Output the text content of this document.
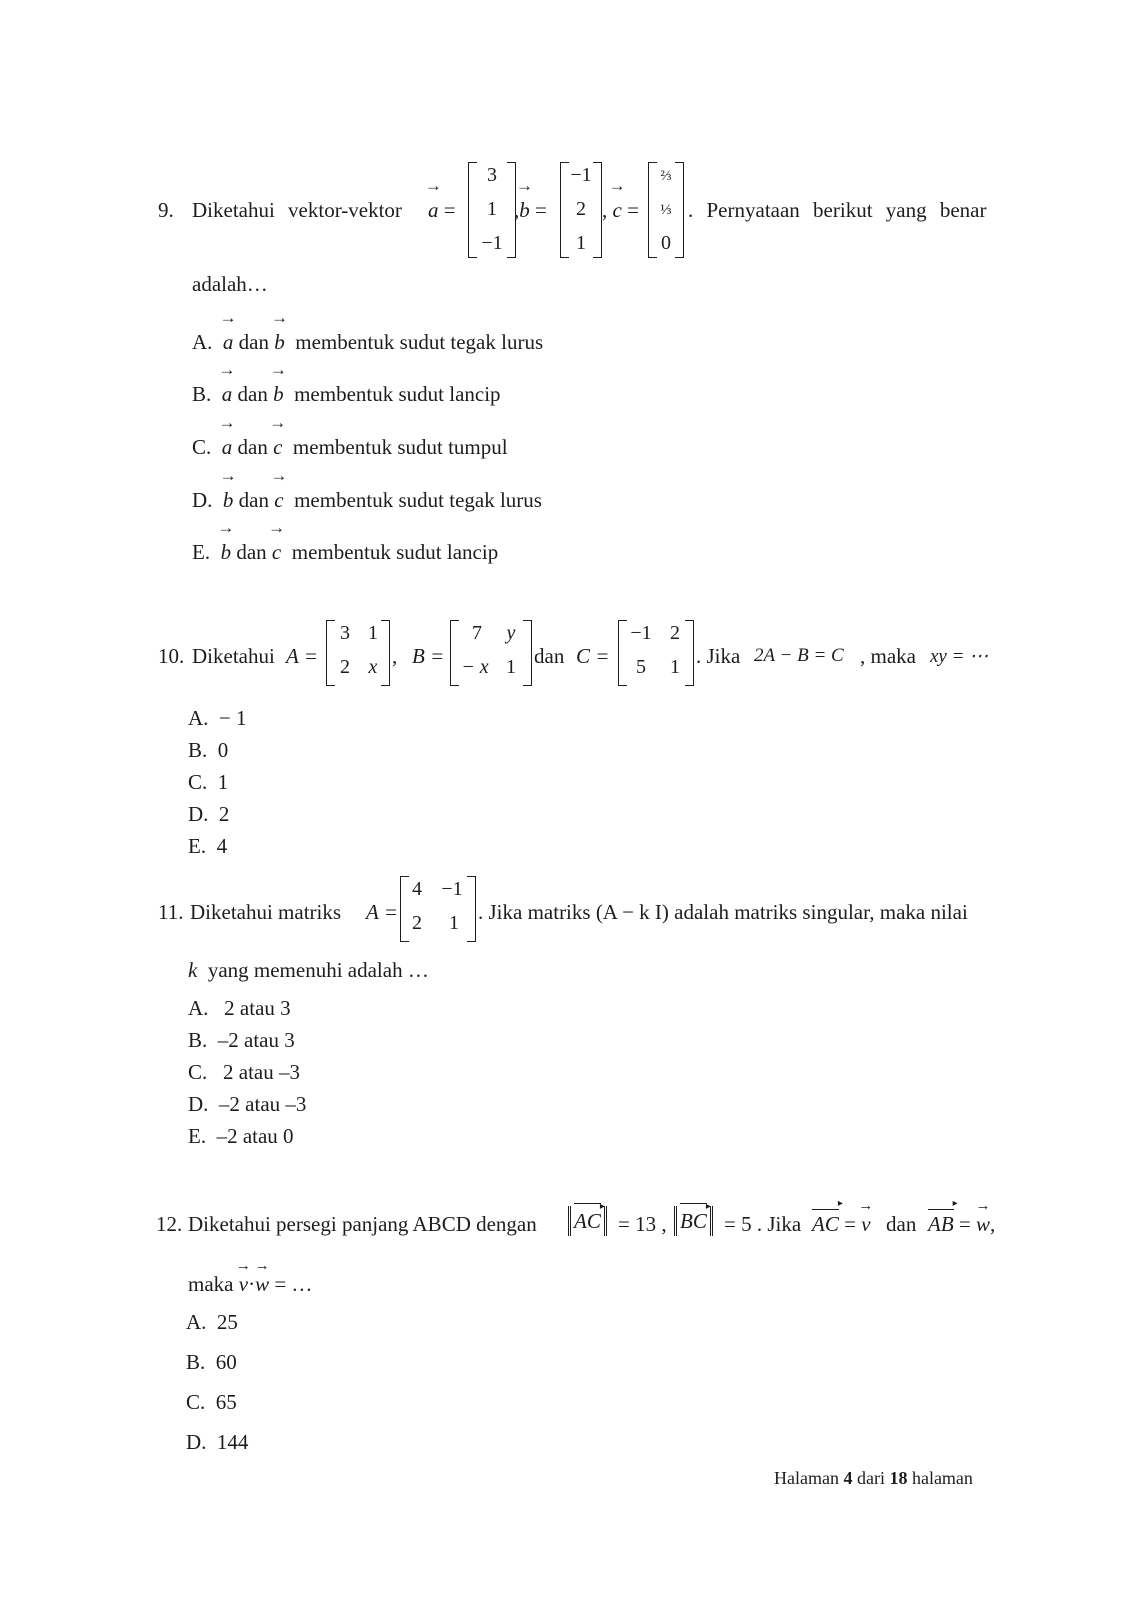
9. Diketahui vektor-vektor → a =
3
1
−1
,→ b =
−1
2
1
, → c =
⅔
⅓
0
. Pernyataan berikut yang benar
adalah…
A. → a dan → b membentuk sudut tegak lurus
B. → a dan → b membentuk sudut lancip
C. → a dan → c membentuk sudut tumpul
D. → b dan → c membentuk sudut tegak lurus
E. → b dan → c membentuk sudut lancip
10. Diketahui A =
3 1
2 x , B =
7	y
− x 1 dan C =
−1 2
5	1 . Jika 2A − B = C , maka xy = ⋯
A. − 1
B. 0
C. 1
D. 2
E. 4
11. Diketahui matriks A =
4 −1
2	1 . Jika matriks (A − k I) adalah matriks singular, maka nilai
k yang memenuhi adalah …
A. 2 atau 3
B. –2 atau 3
C. 2 atau –3
D. –2 atau –3
E. –2 atau 0
12. Diketahui persegi panjang ABCD dengan AC ▸ = 13 , BC ▸ = 5 . Jika AC ▸ = → v dan AB ▸ = → w,
maka → v·→ w = …
A. 25
B. 60
C. 65
D. 144
Halaman 4 dari 18 halaman
